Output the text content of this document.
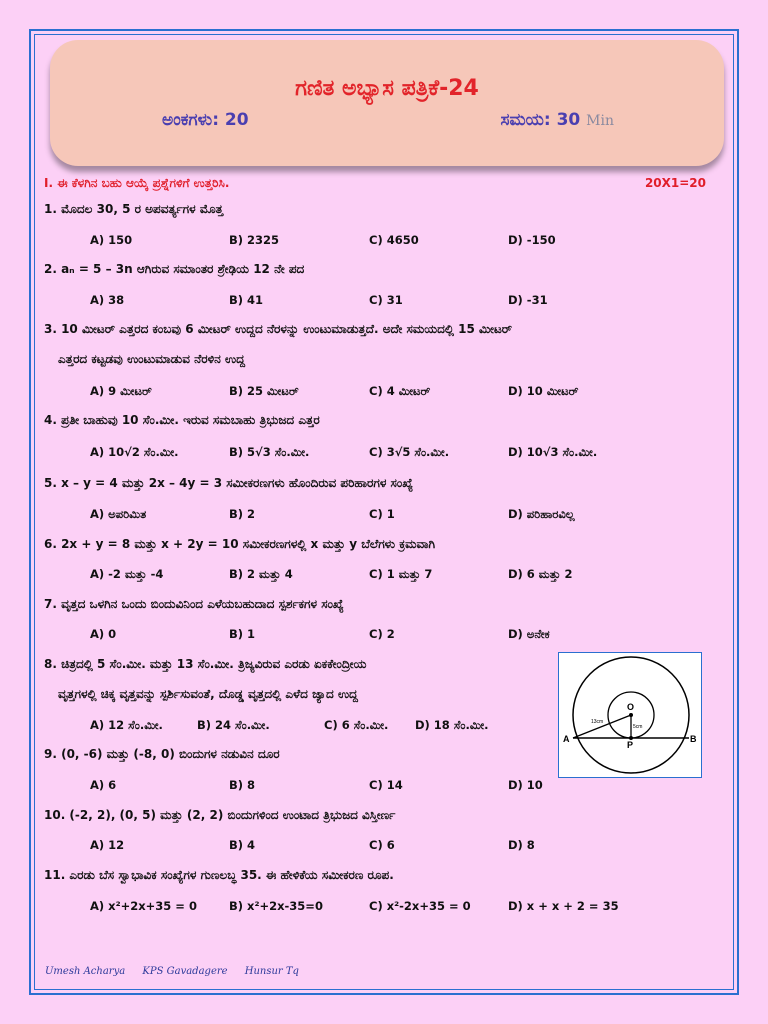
ಗಣಿತ ಅಭ್ಯಾಸ ಪತ್ರಿಕೆ-24
ಅಂಕಗಳು: 20	ಸಮಯ: 30 Min
I. ಈ ಕೆಳಗಿನ ಬಹು ಆಯ್ಕೆ ಪ್ರಶ್ನೆಗಳಿಗೆ ಉತ್ತರಿಸಿ.	20X1=20
1. ಮೊದಲ 30, 5 ರ ಅಪವರ್ತ್ಯಗಳ ಮೊತ್ತ
A) 150	B) 2325	C) 4650	D) -150
2. aₙ = 5 – 3n ಆಗಿರುವ ಸಮಾಂತರ ಶ್ರೇಢಿಯ 12 ನೇ ಪದ
A) 38	B) 41	C) 31	D) -31
3. 10 ಮೀಟರ್ ಎತ್ತರದ ಕಂಬವು 6 ಮೀಟರ್ ಉದ್ದದ ನೆರಳನ್ನು ಉಂಟುಮಾಡುತ್ತದೆ. ಅದೇ ಸಮಯದಲ್ಲಿ 15 ಮೀಟರ್
ಎತ್ತರದ ಕಟ್ಟಡವು ಉಂಟುಮಾಡುವ ನೆರಳಿನ ಉದ್ದ
A) 9 ಮೀಟರ್	B) 25 ಮೀಟರ್	C) 4 ಮೀಟರ್	D) 10 ಮೀಟರ್
4. ಪ್ರತೀ ಬಾಹುವು 10 ಸೆಂ.ಮೀ. ಇರುವ ಸಮಬಾಹು ತ್ರಿಭುಜದ ಎತ್ತರ
A) 10√2 ಸೆಂ.ಮೀ.	B) 5√3 ಸೆಂ.ಮೀ.	C) 3√5 ಸೆಂ.ಮೀ.	D) 10√3 ಸೆಂ.ಮೀ.
5. x – y = 4 ಮತ್ತು 2x – 4y = 3 ಸಮೀಕರಣಗಳು ಹೊಂದಿರುವ ಪರಿಹಾರಗಳ ಸಂಖ್ಯೆ
A) ಅಪರಿಮಿತ	B) 2	C) 1	D) ಪರಿಹಾರವಿಲ್ಲ
6. 2x + y = 8 ಮತ್ತು x + 2y = 10 ಸಮೀಕರಣಗಳಲ್ಲಿ x ಮತ್ತು y ಬೆಲೆಗಳು ಕ್ರಮವಾಗಿ
A) -2 ಮತ್ತು -4	B) 2 ಮತ್ತು 4	C) 1 ಮತ್ತು 7	D) 6 ಮತ್ತು 2
7. ವೃತ್ತದ ಒಳಗಿನ ಒಂದು ಬಿಂದುವಿನಿಂದ ಎಳೆಯಬಹುದಾದ ಸ್ಪರ್ಶಕಗಳ ಸಂಖ್ಯೆ
A) 0	B) 1	C) 2	D) ಅನೇಕ
8. ಚಿತ್ರದಲ್ಲಿ 5 ಸೆಂ.ಮೀ. ಮತ್ತು 13 ಸೆಂ.ಮೀ. ತ್ರಿಜ್ಯವಿರುವ ಎರಡು ಏಕಕೇಂದ್ರೀಯ
ವೃತ್ತಗಳಲ್ಲಿ ಚಿಕ್ಕ ವೃತ್ತವನ್ನು ಸ್ಪರ್ಶಿಸುವಂತೆ, ದೊಡ್ಡ ವೃತ್ತದಲ್ಲಿ ಎಳೆದ ಜ್ಯಾದ ಉದ್ದ
A) 12 ಸೆಂ.ಮೀ.	B) 24 ಸೆಂ.ಮೀ.	C) 6 ಸೆಂ.ಮೀ. D) 18 ಸೆಂ.ಮೀ.
A	B
O
P
13cm
5cm
9. (0, -6) ಮತ್ತು (-8, 0) ಬಿಂದುಗಳ ನಡುವಿನ ದೂರ
A) 6	B) 8	C) 14	D) 10
10. (-2, 2), (0, 5) ಮತ್ತು (2, 2) ಬಿಂದುಗಳಿಂದ ಉಂಟಾದ ತ್ರಿಭುಜದ ವಿಸ್ತೀರ್ಣ
A) 12	B) 4	C) 6	D) 8
11. ಎರಡು ಬೆಸ ಸ್ವಾಭಾವಿಕ ಸಂಖ್ಯೆಗಳ ಗುಣಲಬ್ಧ 35. ಈ ಹೇಳಿಕೆಯ ಸಮೀಕರಣ ರೂಪ.
A) x²+2x+35 = 0	B) x²+2x-35=0	C) x²-2x+35 = 0	D) x + x + 2 = 35
Umesh Acharya KPS Gavadagere Hunsur Tq
